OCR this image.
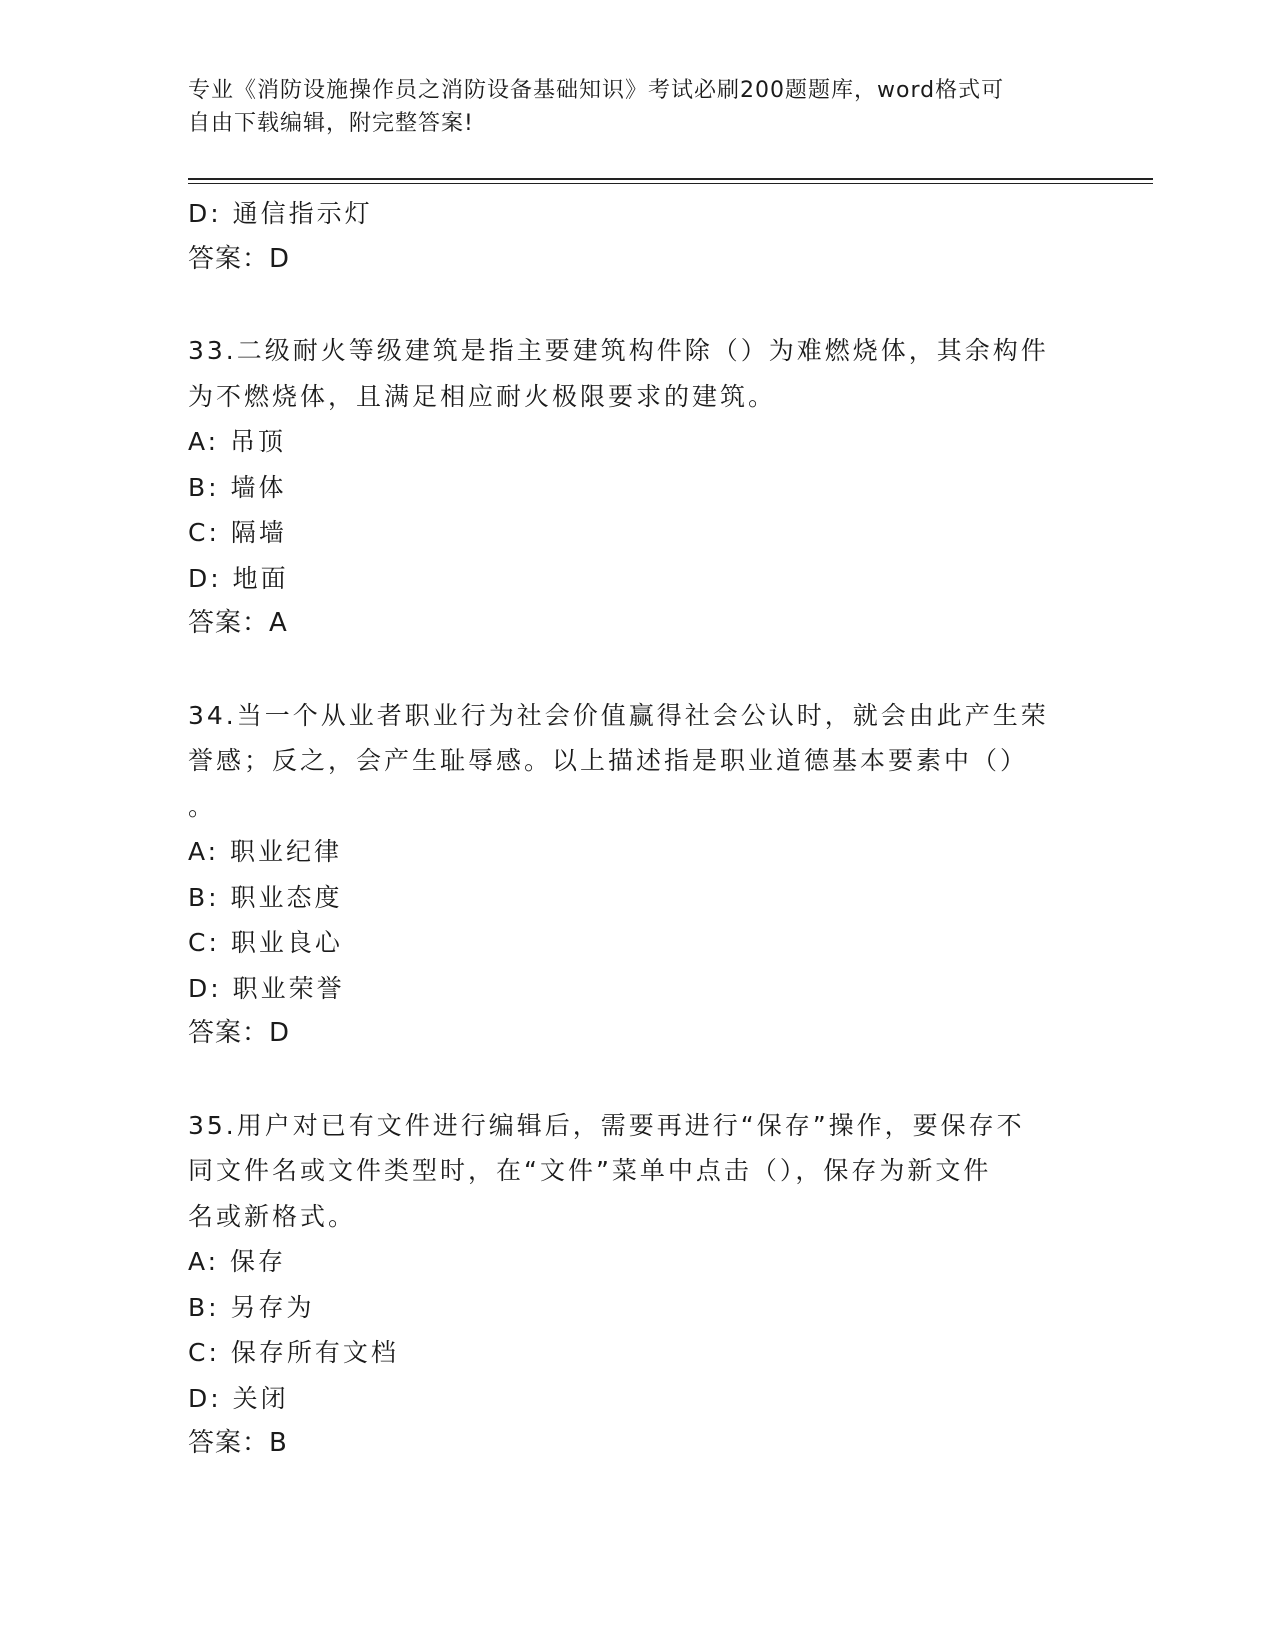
专业《消防设施操作员之消防设备基础知识》考试必刷200题题库，word格式可
自由下载编辑，附完整答案!
D: 通信指示灯
答案：D
33.二级耐火等级建筑是指主要建筑构件除（）为难燃烧体，其余构件
为不燃烧体，且满足相应耐火极限要求的建筑。
A: 吊顶
B: 墙体
C: 隔墙
D: 地面
答案：A
34.当一个从业者职业行为社会价值赢得社会公认时，就会由此产生荣
誉感；反之，会产生耻辱感。以上描述指是职业道德基本要素中（）
。
A: 职业纪律
B: 职业态度
C: 职业良心
D: 职业荣誉
答案：D
35.用户对已有文件进行编辑后，需要再进行“保存”操作，要保存不
同文件名或文件类型时，在“文件”菜单中点击（），保存为新文件
名或新格式。
A: 保存
B: 另存为
C: 保存所有文档
D: 关闭
答案：B
